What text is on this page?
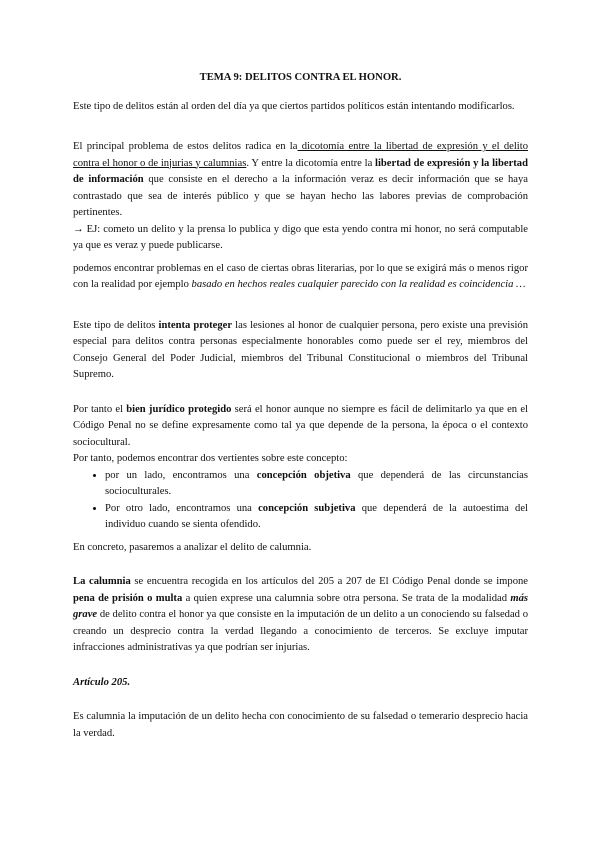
TEMA 9: DELITOS CONTRA EL HONOR.

Este tipo de delitos están al orden del día ya que ciertos partidos políticos están intentando modificarlos.

El principal problema de estos delitos radica en la dicotomía entre la libertad de expresión y el delito contra el honor o de injurias y calumnias. Y entre la dicotomía entre la libertad de expresión y la libertad de información que consiste en el derecho a la información veraz es decir información que se haya contrastado que sea de interés público y que se hayan hecho las labores previas de comprobación pertinentes.

→ EJ: cometo un delito y la prensa lo publica y digo que esta yendo contra mi honor, no será computable ya que es veraz y puede publicarse.

podemos encontrar problemas en el caso de ciertas obras literarias, por lo que se exigirá más o menos rigor con la realidad por ejemplo basado en hechos reales cualquier parecido con la realidad es coincidencia …

Este tipo de delitos intenta proteger las lesiones al honor de cualquier persona, pero existe una previsión especial para delitos contra personas especialmente honorables como puede ser el rey, miembros del Consejo General del Poder Judicial, miembros del Tribunal Constitucional o miembros del Tribunal Supremo.

Por tanto el bien jurídico protegido será el honor aunque no siempre es fácil de delimitarlo ya que en el Código Penal no se define expresamente como tal ya que depende de la persona, la época o el contexto sociocultural.

Por tanto, podemos encontrar dos vertientes sobre este concepto:

• por un lado, encontramos una concepción objetiva que dependerá de las circunstancias socioculturales.
• Por otro lado, encontramos una concepción subjetiva que dependerá de la autoestima del individuo cuando se sienta ofendido.

En concreto, pasaremos a analizar el delito de calumnia.

La calumnia se encuentra recogida en los artículos del 205 a 207 de El Código Penal donde se impone pena de prisión o multa a quien exprese una calumnia sobre otra persona. Se trata de la modalidad más grave de delito contra el honor ya que consiste en la imputación de un delito a un conociendo su falsedad o creando un desprecio contra la verdad llegando a conocimiento de terceros. Se excluye imputar infracciones administrativas ya que podrían ser injurias.

Artículo 205.

Es calumnia la imputación de un delito hecha con conocimiento de su falsedad o temerario desprecio hacia la verdad.
